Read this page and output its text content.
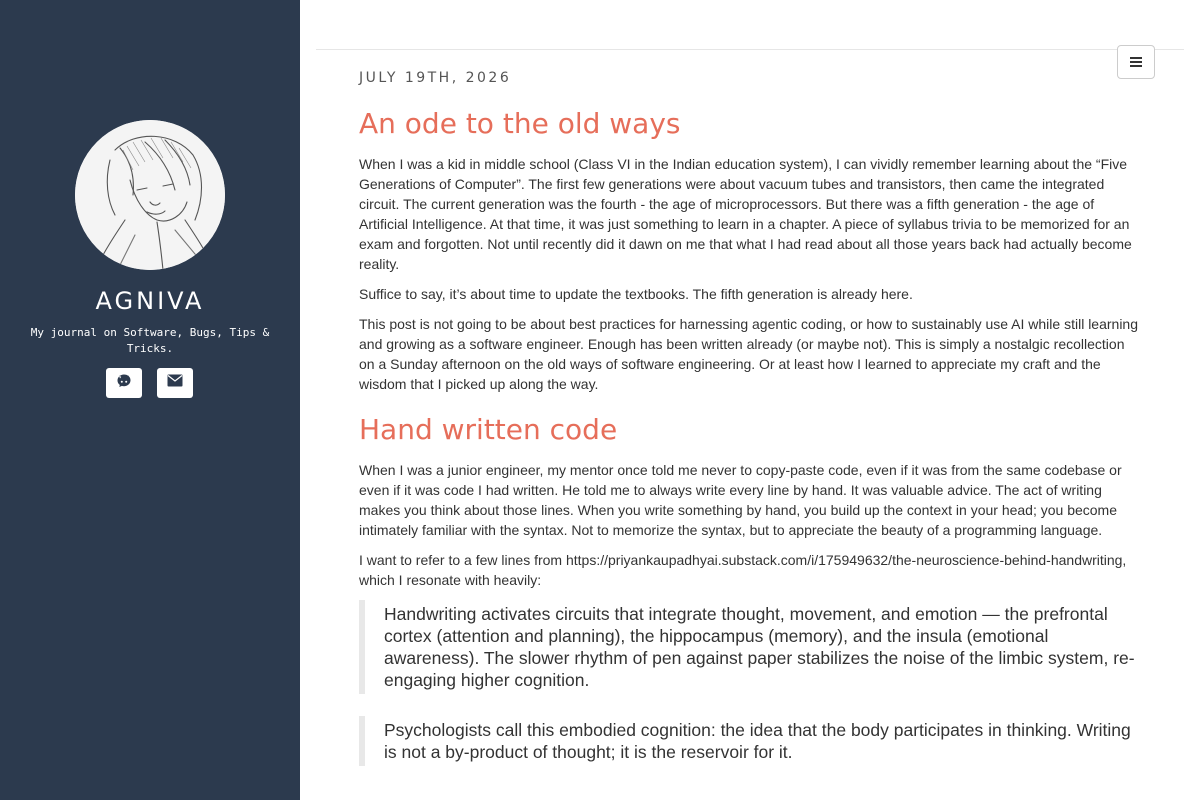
AGNIVA
My journal on Software, Bugs, Tips & Tricks.
JULY 19TH, 2026
An ode to the old ways

When I was a kid in middle school (Class VI in the Indian education system), I can vividly remember learning about the “Five Generations of Computer”. The first few generations were about vacuum tubes and transistors, then came the integrated circuit. The current generation was the fourth - the age of microprocessors. But there was a fifth generation - the age of Artificial Intelligence. At that time, it was just something to learn in a chapter. A piece of syllabus trivia to be memorized for an exam and forgotten. Not until recently did it dawn on me that what I had read about all those years back had actually become reality.

Suffice to say, it’s about time to update the textbooks. The fifth generation is already here.

This post is not going to be about best practices for harnessing agentic coding, or how to sustainably use AI while still learning and growing as a software engineer. Enough has been written already (or maybe not). This is simply a nostalgic recollection on a Sunday afternoon on the old ways of software engineering. Or at least how I learned to appreciate my craft and the wisdom that I picked up along the way.

Hand written code

When I was a junior engineer, my mentor once told me never to copy-paste code, even if it was from the same codebase or even if it was code I had written. He told me to always write every line by hand. It was valuable advice. The act of writing makes you think about those lines. When you write something by hand, you build up the context in your head; you become intimately familiar with the syntax. Not to memorize the syntax, but to appreciate the beauty of a programming language.

I want to refer to a few lines from https://priyankaupadhyai.substack.com/i/175949632/the-neuroscience-behind-handwriting, which I resonate with heavily:

Handwriting activates circuits that integrate thought, movement, and emotion — the prefrontal cortex (attention and planning), the hippocampus (memory), and the insula (emotional awareness). The slower rhythm of pen against paper stabilizes the noise of the limbic system, re-engaging higher cognition.

Psychologists call this embodied cognition: the idea that the body participates in thinking. Writing is not a by-product of thought; it is the reservoir for it.
